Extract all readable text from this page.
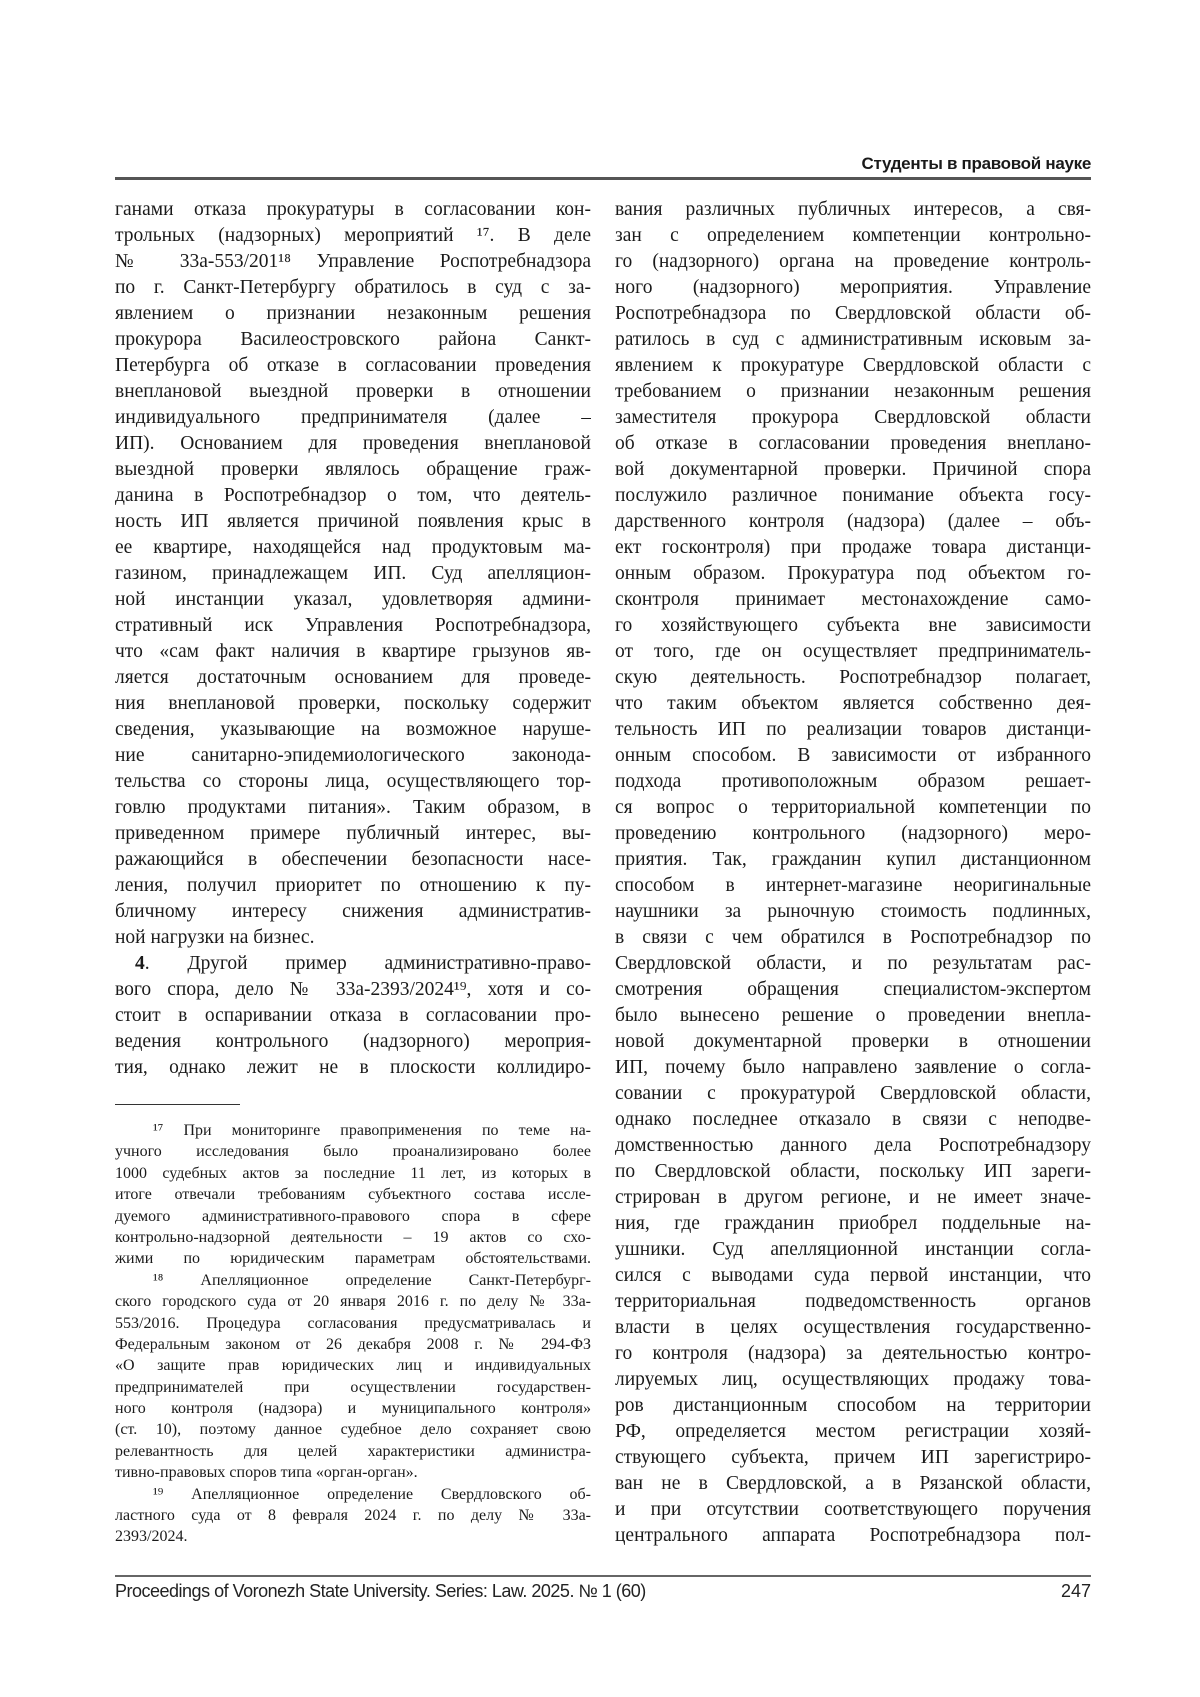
Студенты в правовой науке
ганами отказа прокуратуры в согласовании кон-
трольных (надзорных) мероприятий ¹⁷. В деле
№ 33а-553/201¹⁸ Управление Роспотребнадзора
по г. Санкт-Петербургу обратилось в суд с за-
явлением о признании незаконным решения
прокурора Василеостровского района Санкт-
Петербурга об отказе в согласовании проведения
внеплановой выездной проверки в отношении
индивидуального предпринимателя (далее –
ИП). Основанием для проведения внеплановой
выездной проверки являлось обращение граж-
данина в Роспотребнадзор о том, что деятель-
ность ИП является причиной появления крыс в
ее квартире, находящейся над продуктовым ма-
газином, принадлежащем ИП. Суд апелляцион-
ной инстанции указал, удовлетворяя админи-
стративный иск Управления Роспотребнадзора,
что «сам факт наличия в квартире грызунов яв-
ляется достаточным основанием для проведе-
ния внеплановой проверки, поскольку содержит
сведения, указывающие на возможное наруше-
ние санитарно-эпидемиологического законода-
тельства со стороны лица, осуществляющего тор-
говлю продуктами питания». Таким образом, в
приведенном примере публичный интерес, вы-
ражающийся в обеспечении безопасности насе-
ления, получил приоритет по отношению к пу-
бличному интересу снижения административ-
ной нагрузки на бизнес.
4. Другой пример административно-право-
вого спора, дело № 33а-2393/2024¹⁹, хотя и со-
стоит в оспаривании отказа в согласовании про-
ведения контрольного (надзорного) мероприя-
тия, однако лежит не в плоскости коллидиро-
вания различных публичных интересов, а свя-
зан с определением компетенции контрольно-
го (надзорного) органа на проведение контроль-
ного (надзорного) мероприятия. Управление
Роспотребнадзора по Свердловской области об-
ратилось в суд с административным исковым за-
явлением к прокуратуре Свердловской области с
требованием о признании незаконным решения
заместителя прокурора Свердловской области
об отказе в согласовании проведения внеплано-
вой документарной проверки. Причиной спора
послужило различное понимание объекта госу-
дарственного контроля (надзора) (далее – объ-
ект госконтроля) при продаже товара дистанци-
онным образом. Прокуратура под объектом го-
сконтроля принимает местонахождение само-
го хозяйствующего субъекта вне зависимости
от того, где он осуществляет предприниматель-
скую деятельность. Роспотребнадзор полагает,
что таким объектом является собственно дея-
тельность ИП по реализации товаров дистанци-
онным способом. В зависимости от избранного
подхода противоположным образом решает-
ся вопрос о территориальной компетенции по
проведению контрольного (надзорного) меро-
приятия. Так, гражданин купил дистанционном
способом в интернет-магазине неоригинальные
наушники за рыночную стоимость подлинных,
в связи с чем обратился в Роспотребнадзор по
Свердловской области, и по результатам рас-
смотрения обращения специалистом-экспертом
было вынесено решение о проведении внепла-
новой документарной проверки в отношении
ИП, почему было направлено заявление о согла-
совании с прокуратурой Свердловской области,
однако последнее отказало в связи с неподве-
домственностью данного дела Роспотребнадзору
по Свердловской области, поскольку ИП зареги-
стрирован в другом регионе, и не имеет значе-
ния, где гражданин приобрел поддельные на-
ушники. Суд апелляционной инстанции согла-
сился с выводами суда первой инстанции, что
территориальная подведомственность органов
власти в целях осуществления государственно-
го контроля (надзора) за деятельностью контро-
лируемых лиц, осуществляющих продажу това-
ров дистанционным способом на территории
РФ, определяется местом регистрации хозяй-
ствующего субъекта, причем ИП зарегистриро-
ван не в Свердловской, а в Рязанской области,
и при отсутствии соответствующего поручения
центрального аппарата Роспотребнадзора пол-
¹⁷ При мониторинге правоприменения по теме на-
учного исследования было проанализировано более
1000 судебных актов за последние 11 лет, из которых в
итоге отвечали требованиям субъектного состава иссле-
дуемого административного-правового спора в сфере
контрольно-надзорной деятельности – 19 актов со схо-
жими по юридическим параметрам обстоятельствами.
¹⁸ Апелляционное определение Санкт-Петербург-
ского городского суда от 20 января 2016 г. по делу № 33а-
553/2016. Процедура согласования предусматривалась и
Федеральным законом от 26 декабря 2008 г. № 294-ФЗ
«О защите прав юридических лиц и индивидуальных
предпринимателей при осуществлении государствен-
ного контроля (надзора) и муниципального контроля»
(ст. 10), поэтому данное судебное дело сохраняет свою
релевантность для целей характеристики администра-
тивно-правовых споров типа «орган-орган».
¹⁹ Апелляционное определение Свердловского об-
ластного суда от 8 февраля 2024 г. по делу № 33а-
2393/2024.
Proceedings of Voronezh State University. Series: Law. 2025. № 1 (60)	247
